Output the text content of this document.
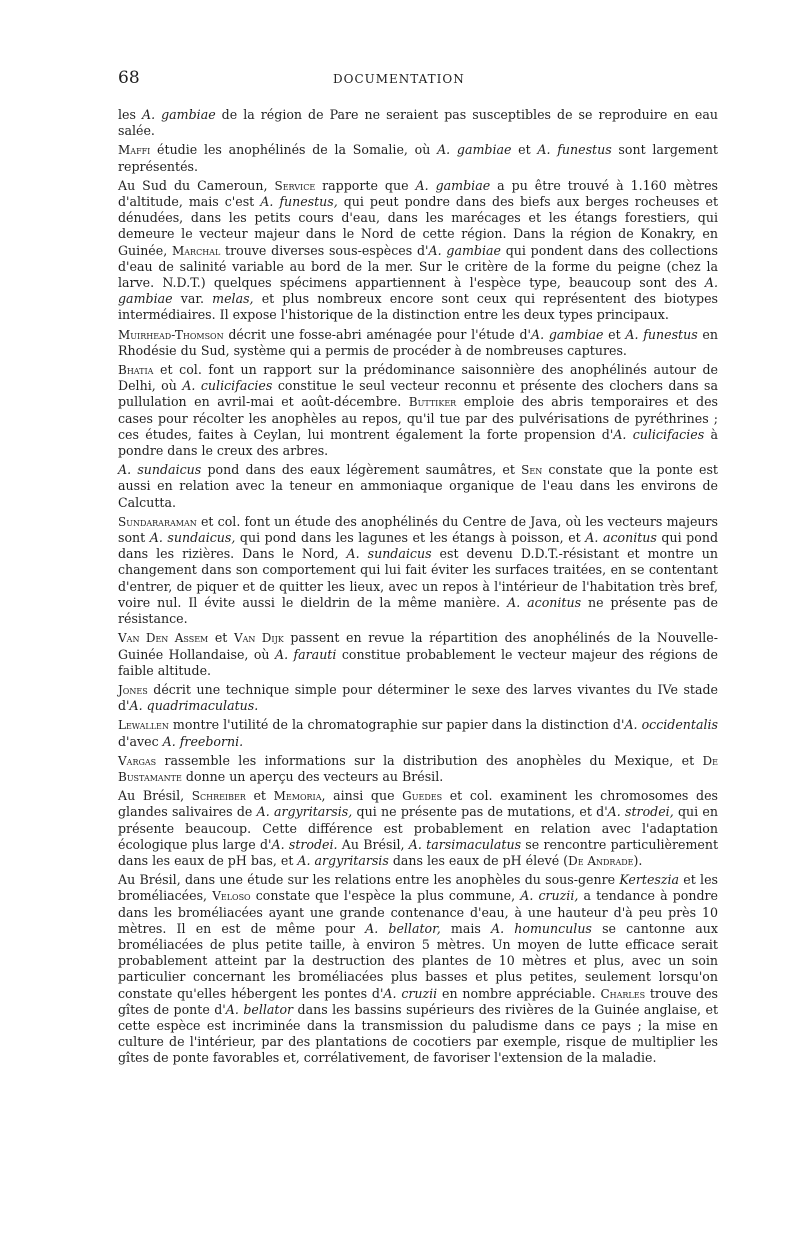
68	DOCUMENTATION

les A. gambiae de la région de Pare ne seraient pas susceptibles de se reproduire en eau salée.

Maffi étudie les anophélinés de la Somalie, où A. gambiae et A. funestus sont largement représentés.

Au Sud du Cameroun, Service rapporte que A. gambiae a pu être trouvé à 1.160 mètres d'altitude, mais c'est A. funestus, qui peut pondre dans des biefs aux berges rocheuses et dénudées, dans les petits cours d'eau, dans les marécages et les étangs forestiers, qui demeure le vecteur majeur dans le Nord de cette région. Dans la région de Konakry, en Guinée, Marchal trouve diverses sous-espèces d'A. gambiae qui pondent dans des collections d'eau de salinité variable au bord de la mer. Sur le critère de la forme du peigne (chez la larve. N.D.T.) quelques spécimens appartiennent à l'espèce type, beaucoup sont des A. gambiae var. melas, et plus nombreux encore sont ceux qui représentent des biotypes intermédiaires. Il expose l'historique de la distinction entre les deux types principaux.

Muirhead-Thomson décrit une fosse-abri aménagée pour l'étude d'A. gambiae et A. funestus en Rhodésie du Sud, système qui a permis de procéder à de nombreuses captures.

Bhatia et col. font un rapport sur la prédominance saisonnière des anophélinés autour de Delhi, où A. culicifacies constitue le seul vecteur reconnu et présente des clochers dans sa pullulation en avril-mai et août-décembre. Buttiker emploie des abris temporaires et des cases pour récolter les anophèles au repos, qu'il tue par des pulvérisations de pyréthrines ; ces études, faites à Ceylan, lui montrent également la forte propension d'A. culicifacies à pondre dans le creux des arbres.

A. sundaicus pond dans des eaux légèrement saumâtres, et Sen constate que la ponte est aussi en relation avec la teneur en ammoniaque organique de l'eau dans les environs de Calcutta.

Sundararaman et col. font un étude des anophélinés du Centre de Java, où les vecteurs majeurs sont A. sundaicus, qui pond dans les lagunes et les étangs à poisson, et A. aconitus qui pond dans les rizières. Dans le Nord, A. sundaicus est devenu D.D.T.-résistant et montre un changement dans son comportement qui lui fait éviter les surfaces traitées, en se contentant d'entrer, de piquer et de quitter les lieux, avec un repos à l'intérieur de l'habitation très bref, voire nul. Il évite aussi le dieldrin de la même manière. A. aconitus ne présente pas de résistance.

Van Den Assem et Van Dijk passent en revue la répartition des anophélinés de la Nouvelle-Guinée Hollandaise, où A. farauti constitue probablement le vecteur majeur des régions de faible altitude.

Jones décrit une technique simple pour déterminer le sexe des larves vivantes du IVe stade d'A. quadrimaculatus.

Lewallen montre l'utilité de la chromatographie sur papier dans la distinction d'A. occidentalis d'avec A. freeborni.

Vargas rassemble les informations sur la distribution des anophèles du Mexique, et De Bustamante donne un aperçu des vecteurs au Brésil.

Au Brésil, Schreiber et Memoria, ainsi que Guedes et col. examinent les chromosomes des glandes salivaires de A. argyritarsis, qui ne présente pas de mutations, et d'A. strodei, qui en présente beaucoup. Cette différence est probablement en relation avec l'adaptation écologique plus large d'A. strodei. Au Brésil, A. tarsimaculatus se rencontre particulièrement dans les eaux de pH bas, et A. argyritarsis dans les eaux de pH élevé (De Andrade).

Au Brésil, dans une étude sur les relations entre les anophèles du sous-genre Kerteszia et les broméliacées, Veloso constate que l'espèce la plus commune, A. cruzii, a tendance à pondre dans les broméliacées ayant une grande contenance d'eau, à une hauteur d'à peu près 10 mètres. Il en est de même pour A. bellator, mais A. homunculus se cantonne aux broméliacées de plus petite taille, à environ 5 mètres. Un moyen de lutte efficace serait probablement atteint par la destruction des plantes de 10 mètres et plus, avec un soin particulier concernant les broméliacées plus basses et plus petites, seulement lorsqu'on constate qu'elles hébergent les pontes d'A. cruzii en nombre appréciable. Charles trouve des gîtes de ponte d'A. bellator dans les bassins supérieurs des rivières de la Guinée anglaise, et cette espèce est incriminée dans la transmission du paludisme dans ce pays ; la mise en culture de l'intérieur, par des plantations de cocotiers par exemple, risque de multiplier les gîtes de ponte favorables et, corrélativement, de favoriser l'extension de la maladie.
